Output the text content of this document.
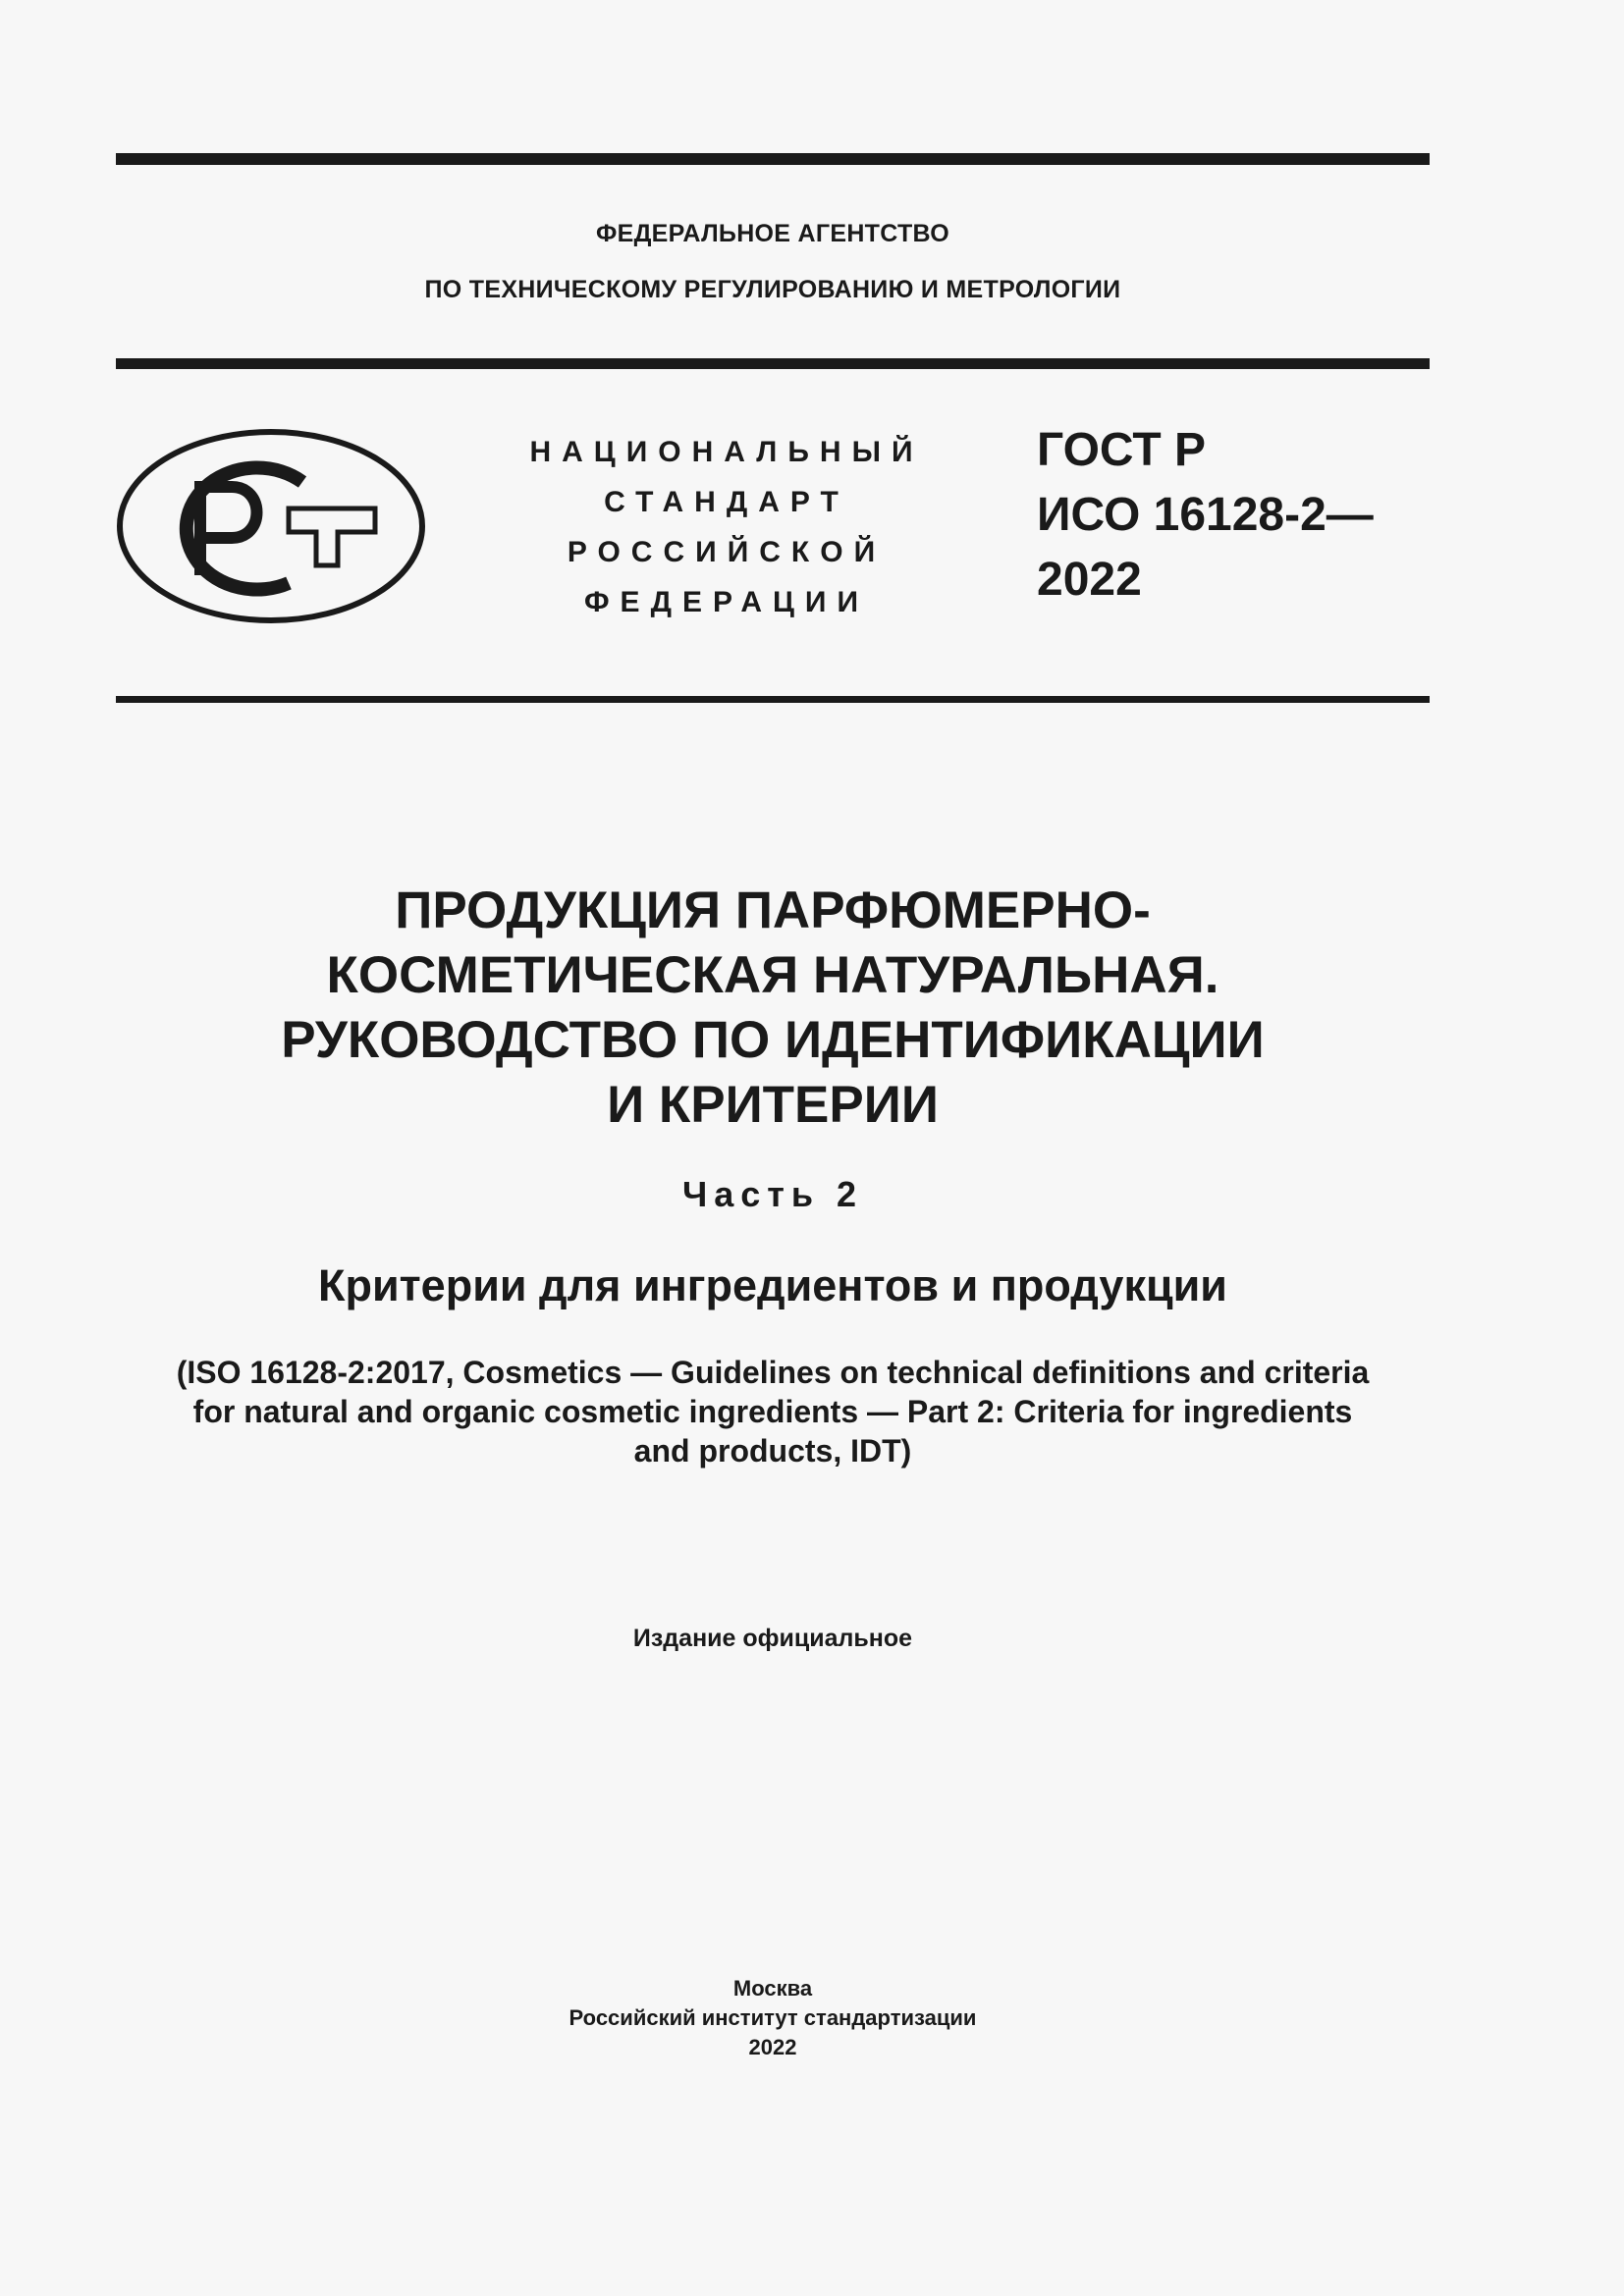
ФЕДЕРАЛЬНОЕ АГЕНТСТВО
ПО ТЕХНИЧЕСКОМУ РЕГУЛИРОВАНИЮ И МЕТРОЛОГИИ
НАЦИОНАЛЬНЫЙ
СТАНДАРТ
РОССИЙСКОЙ
ФЕДЕРАЦИИ
ГОСТ Р
ИСО 16128-2—
2022
ПРОДУКЦИЯ ПАРФЮМЕРНО-
КОСМЕТИЧЕСКАЯ НАТУРАЛЬНАЯ.
РУКОВОДСТВО ПО ИДЕНТИФИКАЦИИ
И КРИТЕРИИ
Часть 2
Критерии для ингредиентов и продукции
(ISO 16128-2:2017, Cosmetics — Guidelines on technical definitions and criteria
for natural and organic cosmetic ingredients — Part 2: Criteria for ingredients
and products, IDT)
Издание официальное
Москва
Российский институт стандартизации
2022
